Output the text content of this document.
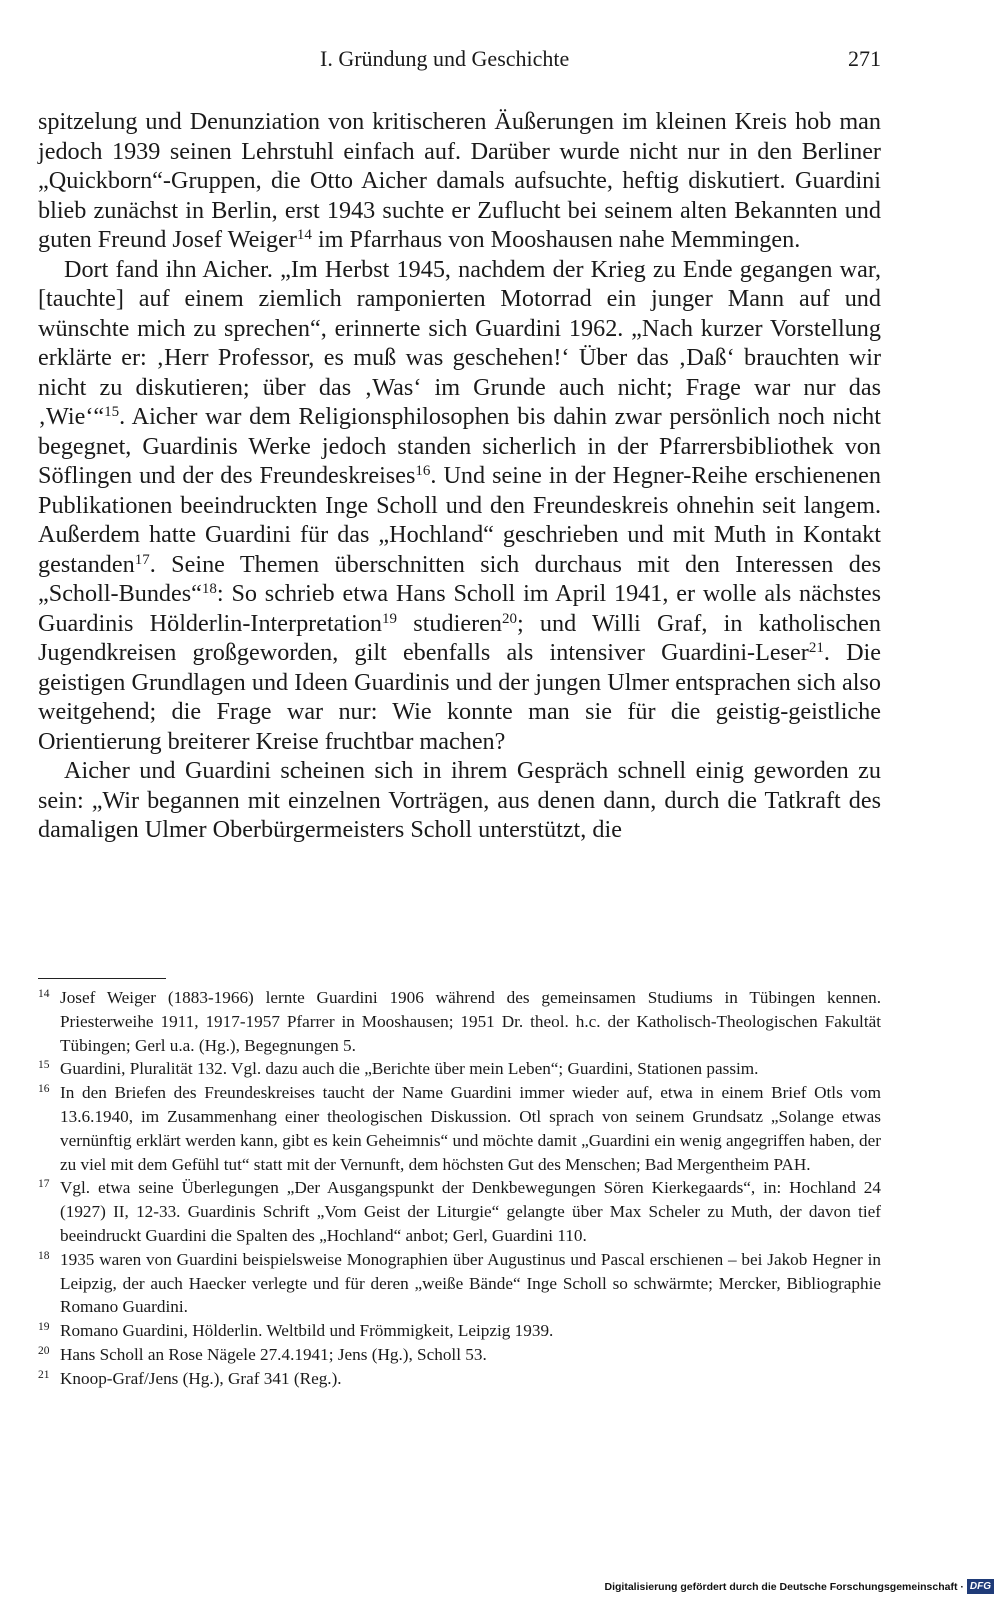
I. Gründung und Geschichte	271

spitzelung und Denunziation von kritischeren Äußerungen im kleinen Kreis hob man jedoch 1939 seinen Lehrstuhl einfach auf. Darüber wurde nicht nur in den Berliner „Quickborn“-Gruppen, die Otto Aicher damals aufsuchte, heftig diskutiert. Guardini blieb zunächst in Berlin, erst 1943 suchte er Zuflucht bei seinem alten Bekannten und guten Freund Josef Weiger$^{14}$ im Pfarrhaus von Mooshausen nahe Memmingen.

Dort fand ihn Aicher. „Im Herbst 1945, nachdem der Krieg zu Ende gegangen war, [tauchte] auf einem ziemlich ramponierten Motorrad ein junger Mann auf und wünschte mich zu sprechen“, erinnerte sich Guardini 1962. „Nach kurzer Vorstellung erklärte er: ‚Herr Professor, es muß was geschehen!‘ Über das ‚Daß‘ brauchten wir nicht zu diskutieren; über das ‚Was‘ im Grunde auch nicht; Frage war nur das ‚Wie‘“$^{15}$. Aicher war dem Religionsphilosophen bis dahin zwar persönlich noch nicht begegnet, Guardinis Werke jedoch standen sicherlich in der Pfarrersbibliothek von Söflingen und der des Freundeskreises$^{16}$. Und seine in der Hegner-Reihe erschienenen Publikationen beeindruckten Inge Scholl und den Freundeskreis ohnehin seit langem. Außerdem hatte Guardini für das „Hochland“ geschrieben und mit Muth in Kontakt gestanden$^{17}$. Seine Themen überschnitten sich durchaus mit den Interessen des „Scholl-Bundes“$^{18}$: So schrieb etwa Hans Scholl im April 1941, er wolle als nächstes Guardinis Hölderlin-Interpretation$^{19}$ studieren$^{20}$; und Willi Graf, in katholischen Jugendkreisen großgeworden, gilt ebenfalls als intensiver Guardini-Leser$^{21}$. Die geistigen Grundlagen und Ideen Guardinis und der jungen Ulmer entsprachen sich also weitgehend; die Frage war nur: Wie konnte man sie für die geistig-geistliche Orientierung breiterer Kreise fruchtbar machen?

Aicher und Guardini scheinen sich in ihrem Gespräch schnell einig geworden zu sein: „Wir begannen mit einzelnen Vorträgen, aus denen dann, durch die Tatkraft des damaligen Ulmer Oberbürgermeisters Scholl unterstützt, die

14 Josef Weiger (1883-1966) lernte Guardini 1906 während des gemeinsamen Studiums in Tübingen kennen. Priesterweihe 1911, 1917-1957 Pfarrer in Mooshausen; 1951 Dr. theol. h.c. der Katholisch-Theologischen Fakultät Tübingen; Gerl u.a. (Hg.), Begegnungen 5.

15 Guardini, Pluralität 132. Vgl. dazu auch die „Berichte über mein Leben“; Guardini, Stationen passim.

16 In den Briefen des Freundeskreises taucht der Name Guardini immer wieder auf, etwa in einem Brief Otls vom 13.6.1940, im Zusammenhang einer theologischen Diskussion. Otl sprach von seinem Grundsatz „Solange etwas vernünftig erklärt werden kann, gibt es kein Geheimnis“ und möchte damit „Guardini ein wenig angegriffen haben, der zu viel mit dem Gefühl tut“ statt mit der Vernunft, dem höchsten Gut des Menschen; Bad Mergentheim PAH.

17 Vgl. etwa seine Überlegungen „Der Ausgangspunkt der Denkbewegungen Sören Kierkegaards“, in: Hochland 24 (1927) II, 12-33. Guardinis Schrift „Vom Geist der Liturgie“ gelangte über Max Scheler zu Muth, der davon tief beeindruckt Guardini die Spalten des „Hochland“ anbot; Gerl, Guardini 110.

18 1935 waren von Guardini beispielsweise Monographien über Augustinus und Pascal erschienen – bei Jakob Hegner in Leipzig, der auch Haecker verlegte und für deren „weiße Bände“ Inge Scholl so schwärmte; Mercker, Bibliographie Romano Guardini.

19 Romano Guardini, Hölderlin. Weltbild und Frömmigkeit, Leipzig 1939.

20 Hans Scholl an Rose Nägele 27.4.1941; Jens (Hg.), Scholl 53.

21 Knoop-Graf/Jens (Hg.), Graf 341 (Reg.).

Digitalisierung gefördert durch die Deutsche Forschungsgemeinschaft · DFG
